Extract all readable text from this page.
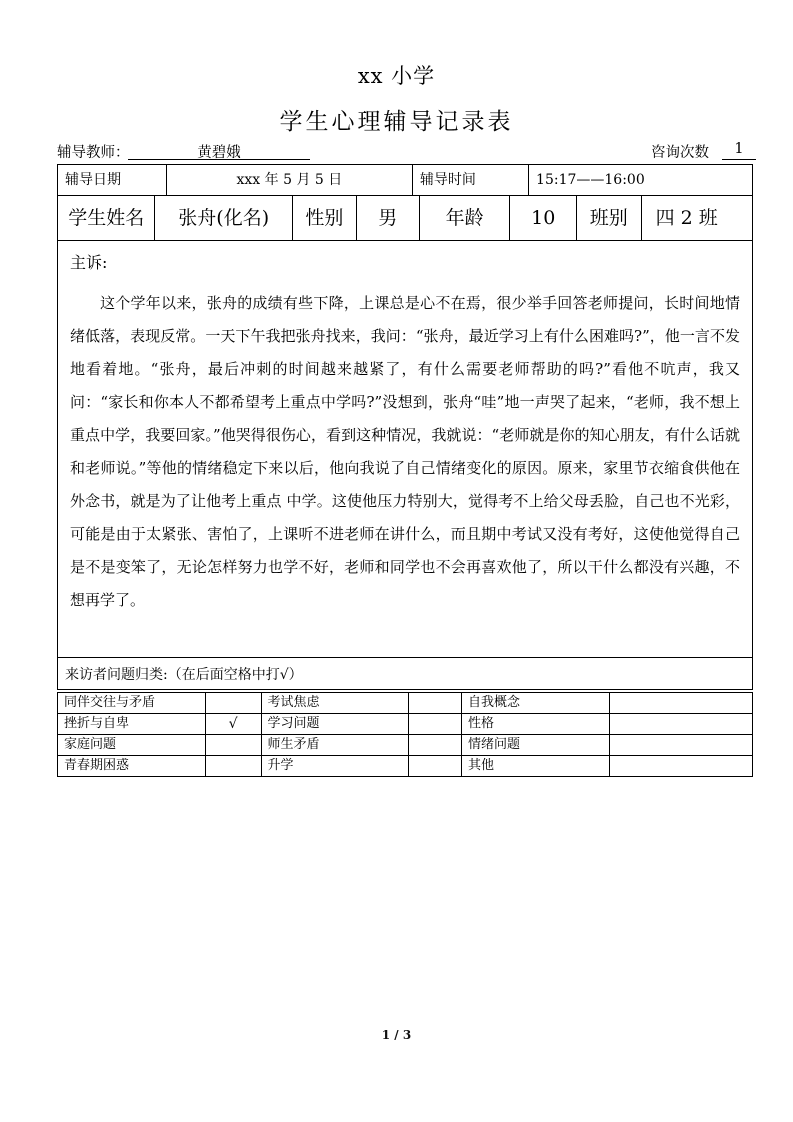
xx 小学
学生心理辅导记录表
辅导教师：	黄碧娥	咨询次数	1
辅导日期	xxx 年 5 月 5 日	辅导时间	15:17——16:00
学生姓名	张舟(化名)	性别	男	年龄	10	班别	四 2 班
主诉:

这个学年以来，张舟的成绩有些下降，上课总是心不在焉，很少举手回答老师提问，长时间地情绪低落，表现反常。一天下午我把张舟找来，我问：“张舟，最近学习上有什么困难吗?”，他一言不发地看着地。“张舟，最后冲刺的时间越来越紧了，有什么需要老师帮助的吗?”看他不吭声，我又问：“家长和你本人不都希望考上重点中学吗?”没想到，张舟“哇”地一声哭了起来，“老师，我不想上重点中学，我要回家。”他哭得很伤心，看到这种情况，我就说：“老师就是你的知心朋友，有什么话就和老师说。”等他的情绪稳定下来以后，他向我说了自己情绪变化的原因。原来，家里节衣缩食供他在外念书，就是为了让他考上重点 中学。这使他压力特别大，觉得考不上给父母丢脸，自己也不光彩，可能是由于太紧张、害怕了，上课听不进老师在讲什么，而且期中考试又没有考好，这使他觉得自己是不是变笨了，无论怎样努力也学不好，老师和同学也不会再喜欢他了，所以干什么都没有兴趣，不想再学了。

来访者问题归类:（在后面空格中打√）
同伴交往与矛盾		考试焦虑		自我概念	
挫折与自卑	√	学习问题		性格	
家庭问题		师生矛盾		情绪问题	
青春期困惑		升学		其他	
1 / 3
